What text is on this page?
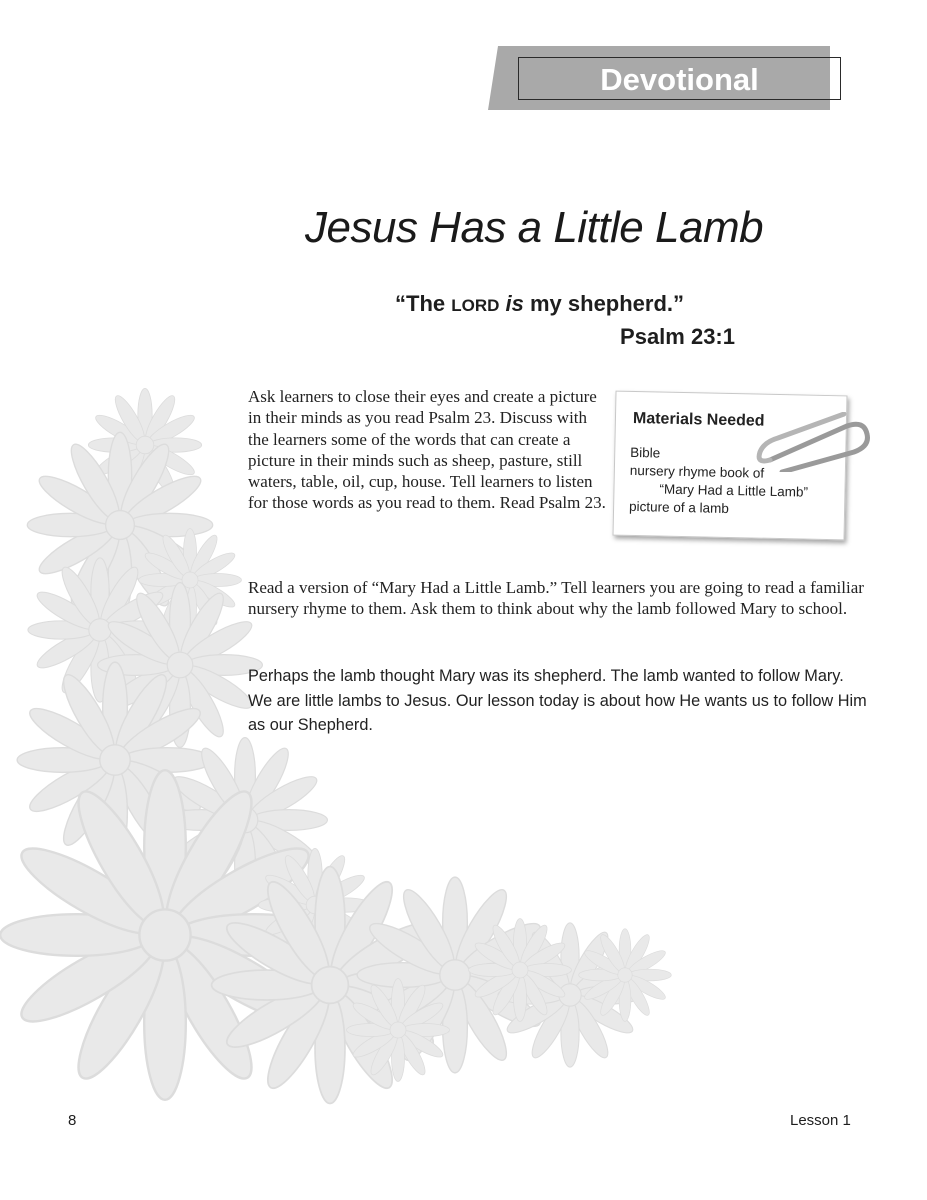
Devotional
Jesus Has a Little Lamb
“The LORD is my shepherd.”
Psalm 23:1

Ask learners to close their eyes and create a picture in their minds as you read Psalm 23. Discuss with the learners some of the words that can create a picture in their minds such as sheep, pasture, still waters, table, oil, cup, house. Tell learners to listen for those words as you read to them. Read Psalm 23.

Read a version of “Mary Had a Little Lamb.” Tell learners you are going to read a familiar nursery rhyme to them. Ask them to think about why the lamb followed Mary to school.

Perhaps the lamb thought Mary was its shepherd. The lamb wanted to follow Mary. We are little lambs to Jesus. Our lesson today is about how He wants us to follow Him as our Shepherd.

Materials Needed
Bible
nursery rhyme book of
“Mary Had a Little Lamb”
picture of a lamb
8	Lesson 1
